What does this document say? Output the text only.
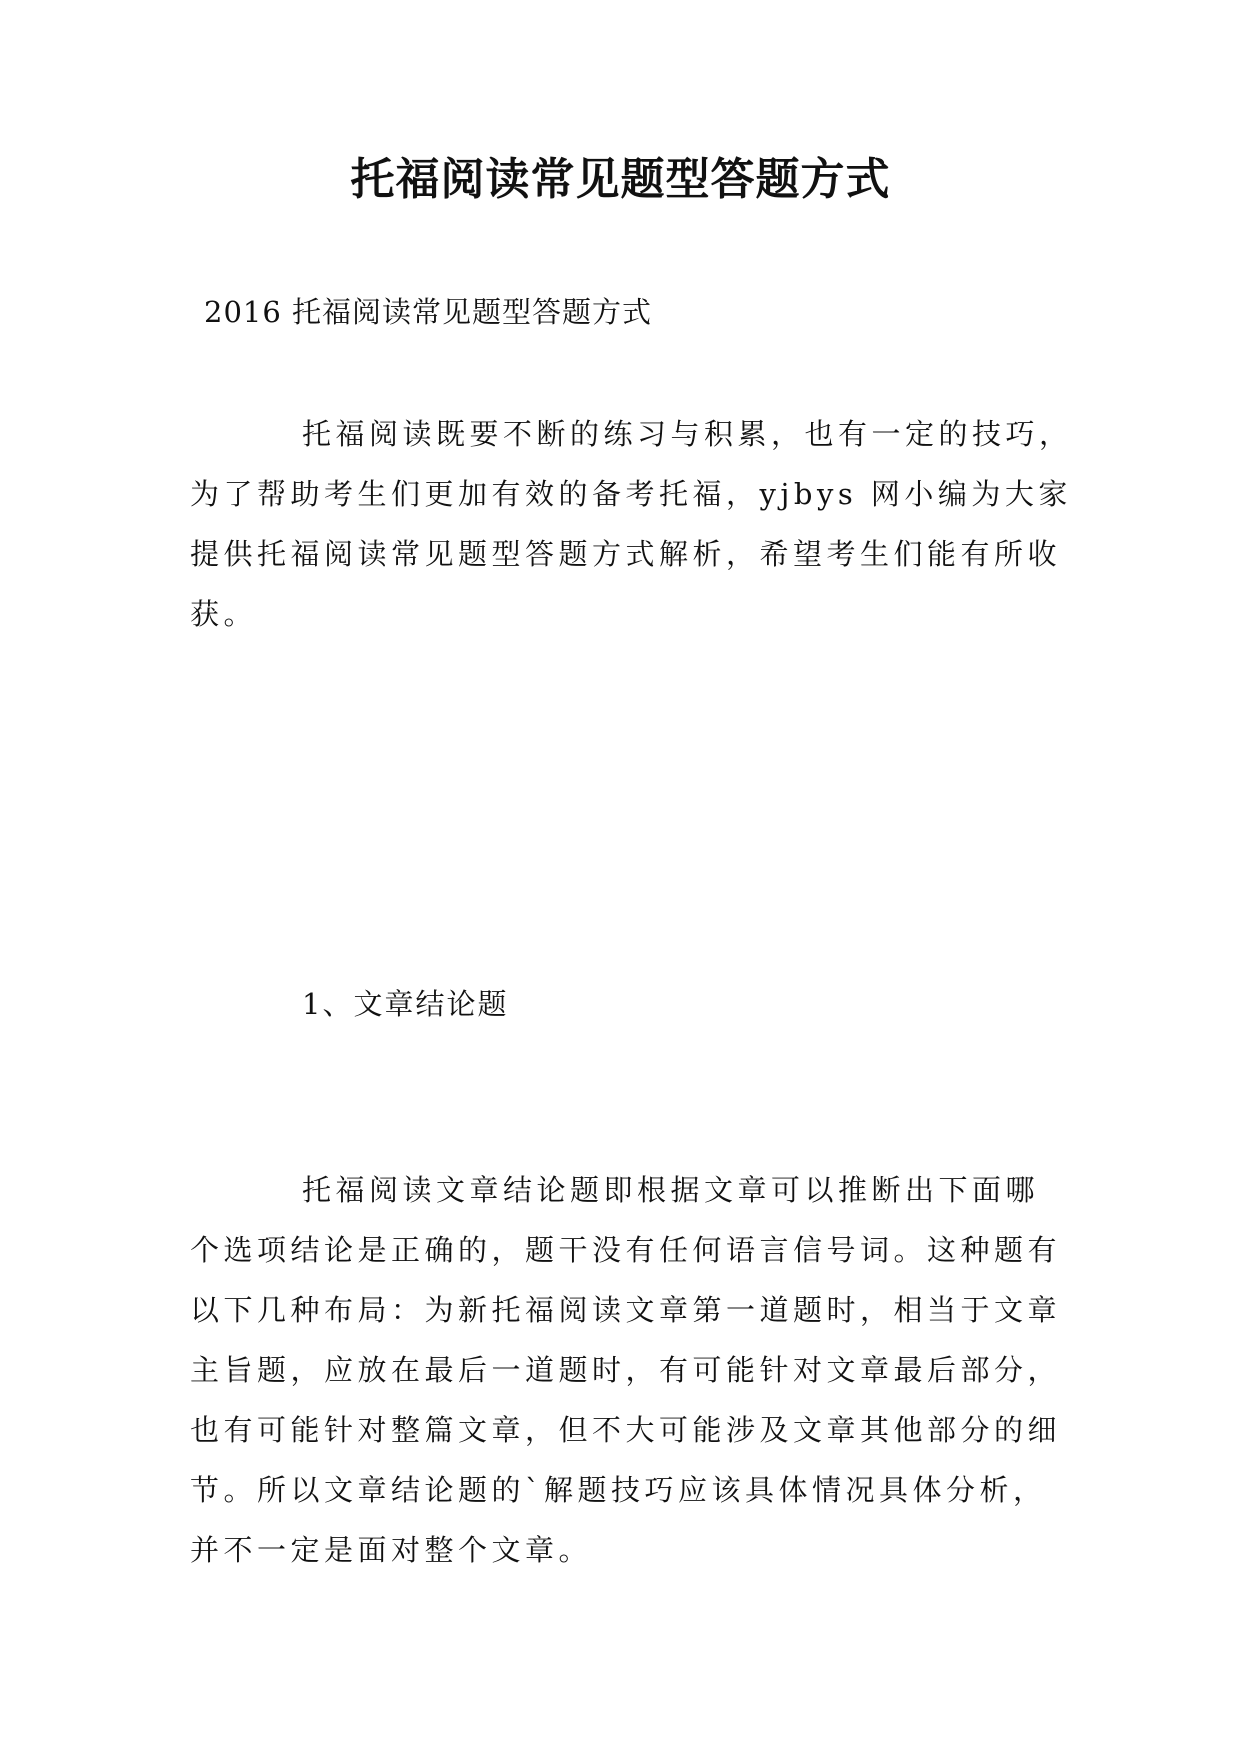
托福阅读常见题型答题方式
2016 托福阅读常见题型答题方式
托福阅读既要不断的练习与积累，也有一定的技巧，
为了帮助考生们更加有效的备考托福，yjbys 网小编为大家
提供托福阅读常见题型答题方式解析，希望考生们能有所收
获。
1、文章结论题
托福阅读文章结论题即根据文章可以推断出下面哪
个选项结论是正确的，题干没有任何语言信号词。这种题有
以下几种布局：为新托福阅读文章第一道题时，相当于文章
主旨题，应放在最后一道题时，有可能针对文章最后部分，
也有可能针对整篇文章，但不大可能涉及文章其他部分的细
节。所以文章结论题的`解题技巧应该具体情况具体分析，
并不一定是面对整个文章。
